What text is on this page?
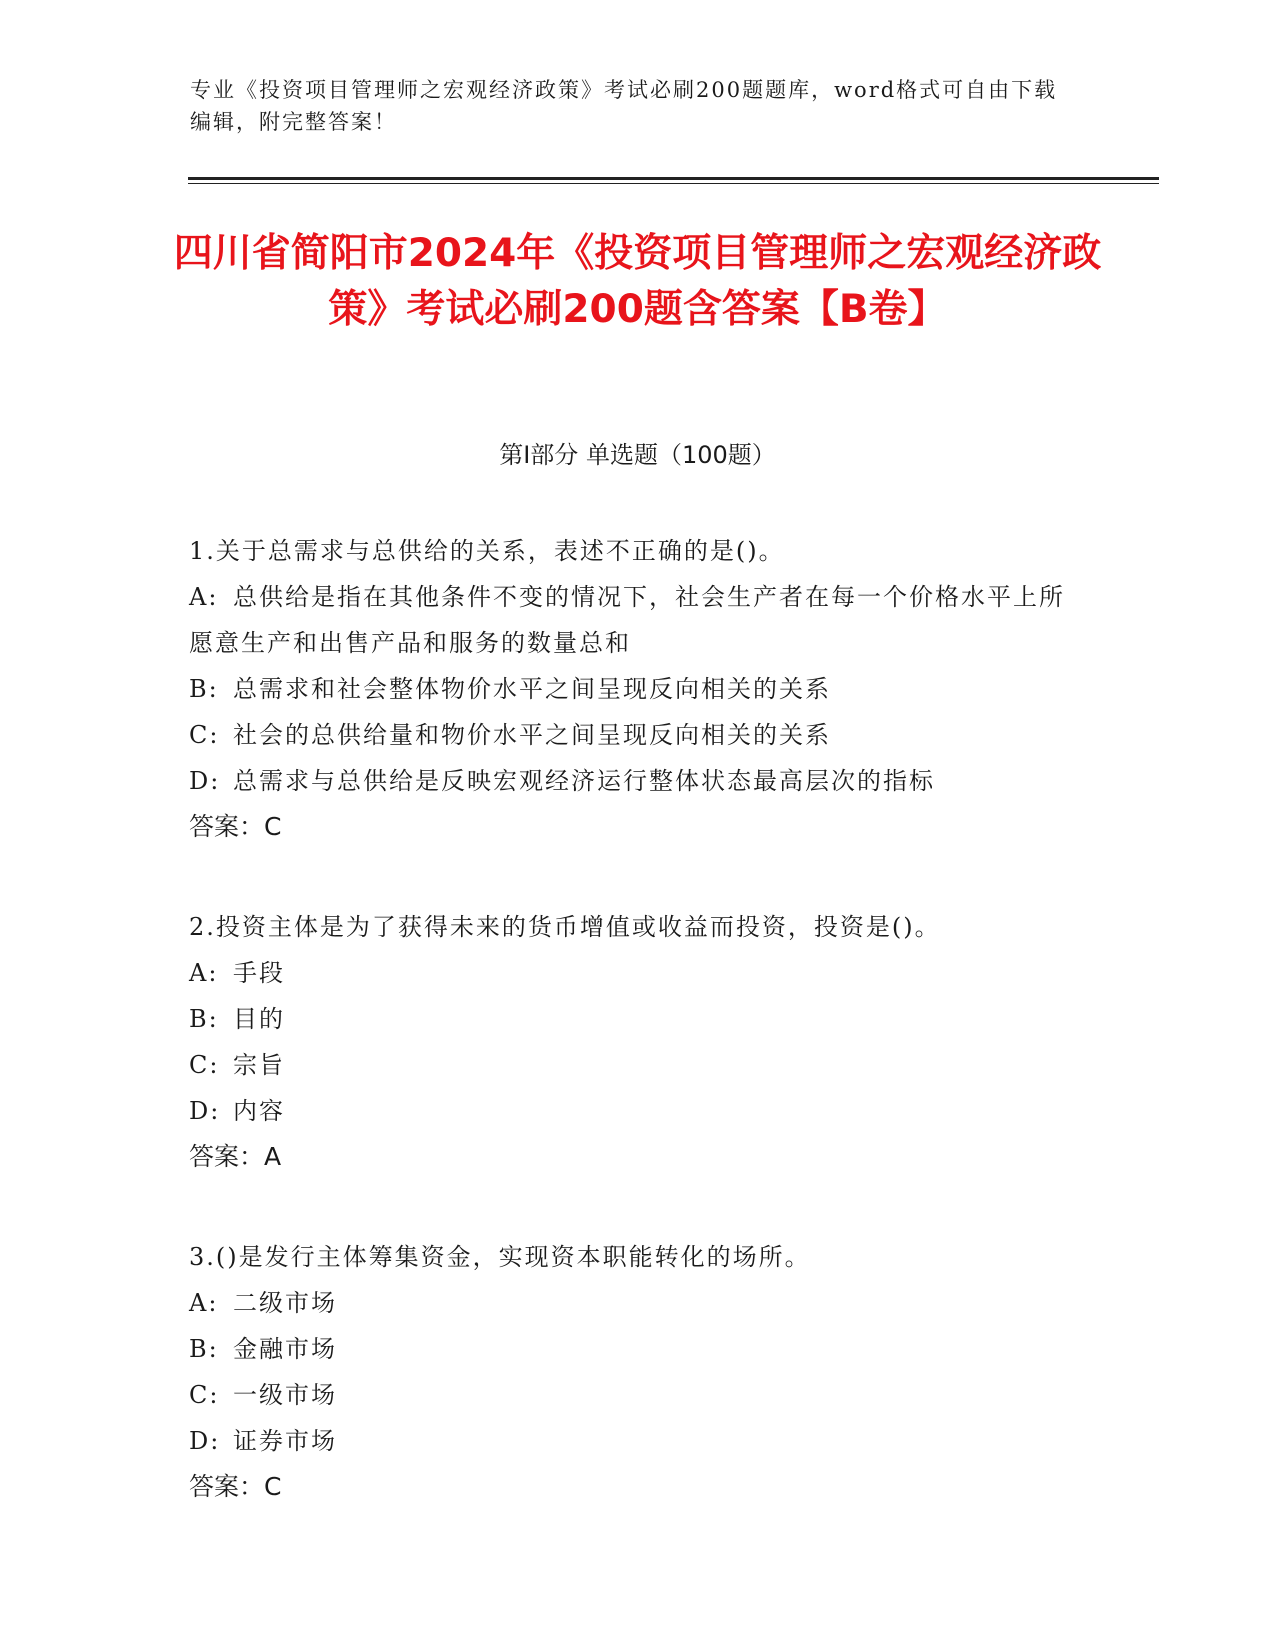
专业《投资项目管理师之宏观经济政策》考试必刷200题题库，word格式可自由下载编辑，附完整答案！
四川省简阳市2024年《投资项目管理师之宏观经济政策》考试必刷200题含答案【B卷】
第I部分 单选题（100题）
1.关于总需求与总供给的关系，表述不正确的是()。
A: 总供给是指在其他条件不变的情况下，社会生产者在每一个价格水平上所愿意生产和出售产品和服务的数量总和
B: 总需求和社会整体物价水平之间呈现反向相关的关系
C: 社会的总供给量和物价水平之间呈现反向相关的关系
D: 总需求与总供给是反映宏观经济运行整体状态最高层次的指标
答案：C
2.投资主体是为了获得未来的货币增值或收益而投资，投资是()。
A: 手段
B: 目的
C: 宗旨
D: 内容
答案：A
3.()是发行主体筹集资金，实现资本职能转化的场所。
A: 二级市场
B: 金融市场
C: 一级市场
D: 证券市场
答案：C
